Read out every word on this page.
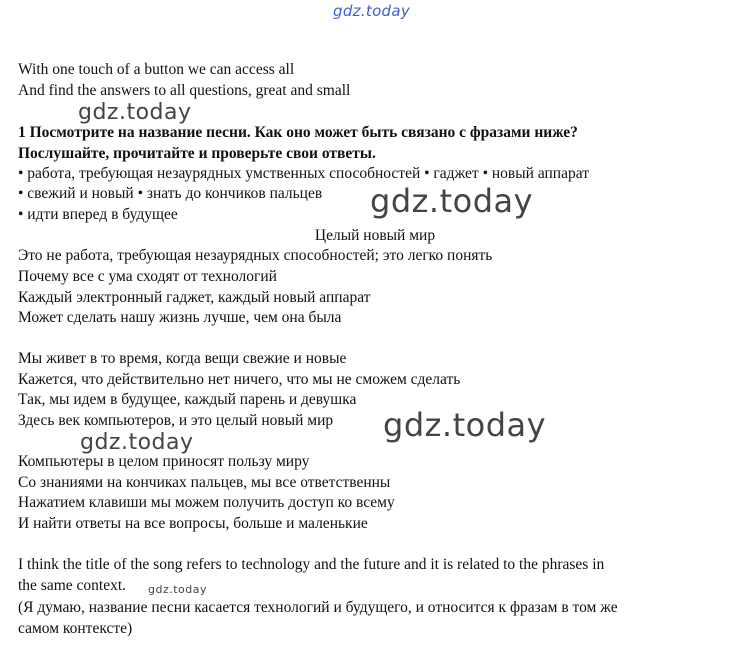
gdz.today
With one touch of a button we can access all
And find the answers to all questions, great and small
1 Посмотрите на название песни. Как оно может быть связано с фразами ниже?
Послушайте, прочитайте и проверьте свои ответы.
• работа, требующая незаурядных умственных способностей • гаджет • новый аппарат
• свежий и новый • знать до кончиков пальцев
• идти вперед в будущее
Целый новый мир
Это не работа, требующая незаурядных способностей; это легко понять
Почему все с ума сходят от технологий
Каждый электронный гаджет, каждый новый аппарат
Может сделать нашу жизнь лучше, чем она была
Мы живет в то время, когда вещи свежие и новые
Кажется, что действительно нет ничего, что мы не сможем сделать
Так, мы идем в будущее, каждый парень и девушка
Здесь век компьютеров, и это целый новый мир
Компьютеры в целом приносят пользу миру
Со знаниями на кончиках пальцев, мы все ответственны
Нажатием клавиши мы можем получить доступ ко всему
И найти ответы на все вопросы, больше и маленькие
I think the title of the song refers to technology and the future and it is related to the phrases in
the same context.
(Я думаю, название песни касается технологий и будущего, и относится к фразам в том же
самом контексте)
gdz.today
gdz.today
gdz.today
gdz.today
gdz.today
